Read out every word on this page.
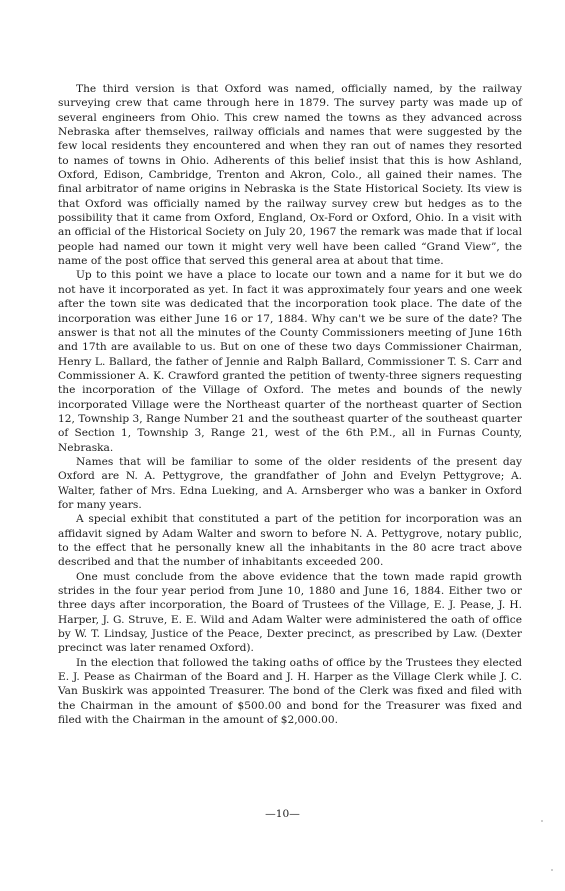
The third version is that Oxford was named, officially named, by the railway surveying crew that came through here in 1879. The survey party was made up of several engineers from Ohio. This crew named the towns as they advanced across Nebraska after themselves, railway officials and names that were suggested by the few local residents they encountered and when they ran out of names they resorted to names of towns in Ohio. Adherents of this belief insist that this is how Ashland, Oxford, Edison, Cambridge, Trenton and Akron, Colo., all gained their names. The final arbitrator of name origins in Nebraska is the State Historical Society. Its view is that Oxford was officially named by the railway survey crew but hedges as to the possibility that it came from Oxford, England, Ox-Ford or Oxford, Ohio. In a visit with an official of the Historical Society on July 20, 1967 the remark was made that if local people had named our town it might very well have been called “Grand View”, the name of the post office that served this general area at about that time.

Up to this point we have a place to locate our town and a name for it but we do not have it incorporated as yet. In fact it was approximately four years and one week after the town site was dedicated that the incorporation took place. The date of the incorporation was either June 16 or 17, 1884. Why can't we be sure of the date? The answer is that not all the minutes of the County Commissioners meeting of June 16th and 17th are available to us. But on one of these two days Commissioner Chairman, Henry L. Ballard, the father of Jennie and Ralph Ballard, Commissioner T. S. Carr and Commissioner A. K. Crawford granted the petition of twenty-three signers requesting the incorporation of the Village of Oxford. The metes and bounds of the newly incorporated Village were the Northeast quarter of the northeast quarter of Section 12, Township 3, Range Number 21 and the southeast quarter of the southeast quarter of Section 1, Township 3, Range 21, west of the 6th P.M., all in Furnas County, Nebraska.

Names that will be familiar to some of the older residents of the present day Oxford are N. A. Pettygrove, the grandfather of John and Evelyn Pettygrove; A. Walter, father of Mrs. Edna Lueking, and A. Arnsberger who was a banker in Oxford for many years.

A special exhibit that constituted a part of the petition for incorporation was an affidavit signed by Adam Walter and sworn to before N. A. Pettygrove, notary public, to the effect that he personally knew all the inhabitants in the 80 acre tract above described and that the number of inhabitants exceeded 200.

One must conclude from the above evidence that the town made rapid growth strides in the four year period from June 10, 1880 and June 16, 1884. Either two or three days after incorporation, the Board of Trustees of the Village, E. J. Pease, J. H. Harper, J. G. Struve, E. E. Wild and Adam Walter were administered the oath of office by W. T. Lindsay, Justice of the Peace, Dexter precinct, as prescribed by Law. (Dexter precinct was later renamed Oxford).

In the election that followed the taking oaths of office by the Trustees they elected E. J. Pease as Chairman of the Board and J. H. Harper as the Village Clerk while J. C. Van Buskirk was appointed Treasurer. The bond of the Clerk was fixed and filed with the Chairman in the amount of $500.00 and bond for the Treasurer was fixed and filed with the Chairman in the amount of $2,000.00.

—10—
